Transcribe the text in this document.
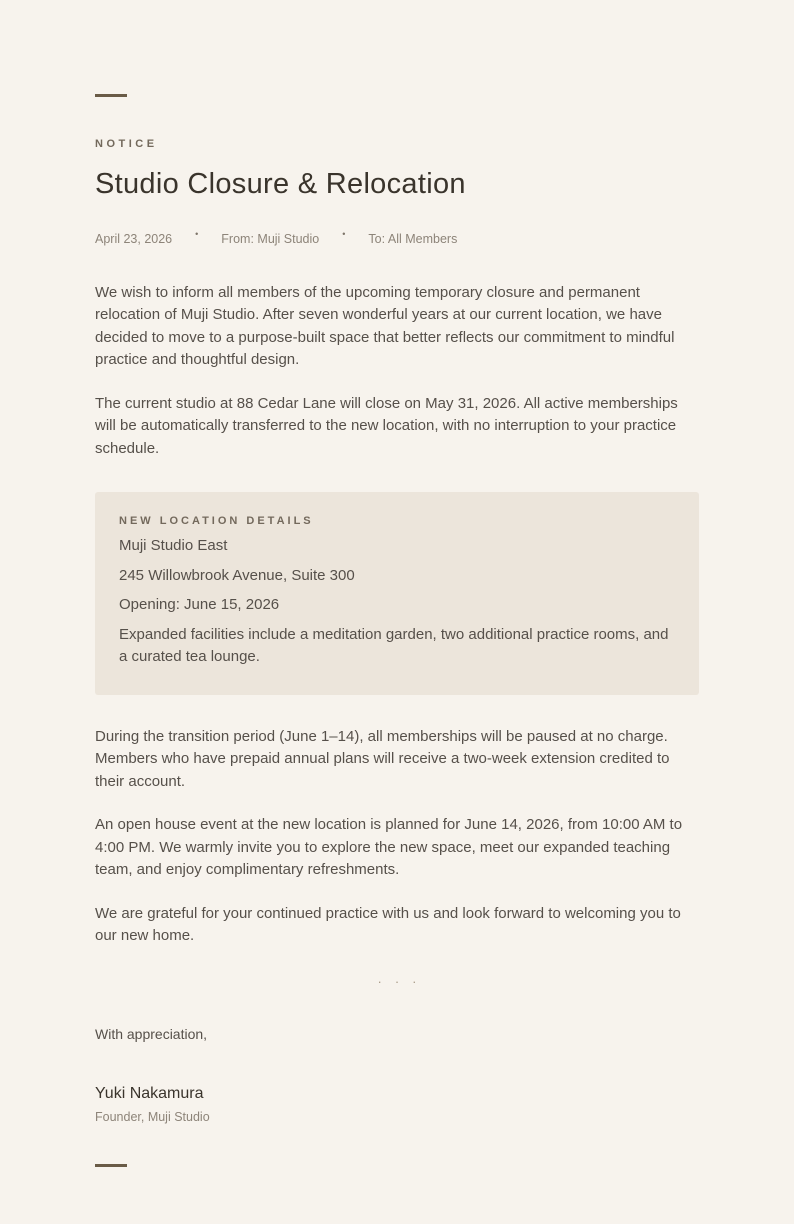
NOTICE
Studio Closure & Relocation
April 23, 2026	• From: Muji Studio	• To: All Members

We wish to inform all members of the upcoming temporary closure and permanent relocation of Muji Studio. After seven wonderful years at our current location, we have decided to move to a purpose-built space that better reflects our commitment to mindful practice and thoughtful design.

The current studio at 88 Cedar Lane will close on May 31, 2026. All active memberships will be automatically transferred to the new location, with no interruption to your practice schedule.

NEW LOCATION DETAILS

Muji Studio East

245 Willowbrook Avenue, Suite 300

Opening: June 15, 2026

Expanded facilities include a meditation garden, two additional practice rooms, and a curated tea lounge.

During the transition period (June 1–14), all memberships will be paused at no charge. Members who have prepaid annual plans will receive a two-week extension credited to their account.

An open house event at the new location is planned for June 14, 2026, from 10:00 AM to 4:00 PM. We warmly invite you to explore the new space, meet our expanded teaching team, and enjoy complimentary refreshments.

We are grateful for your continued practice with us and look forward to welcoming you to our new home.

···
With appreciation,
Yuki Nakamura
Founder, Muji Studio
